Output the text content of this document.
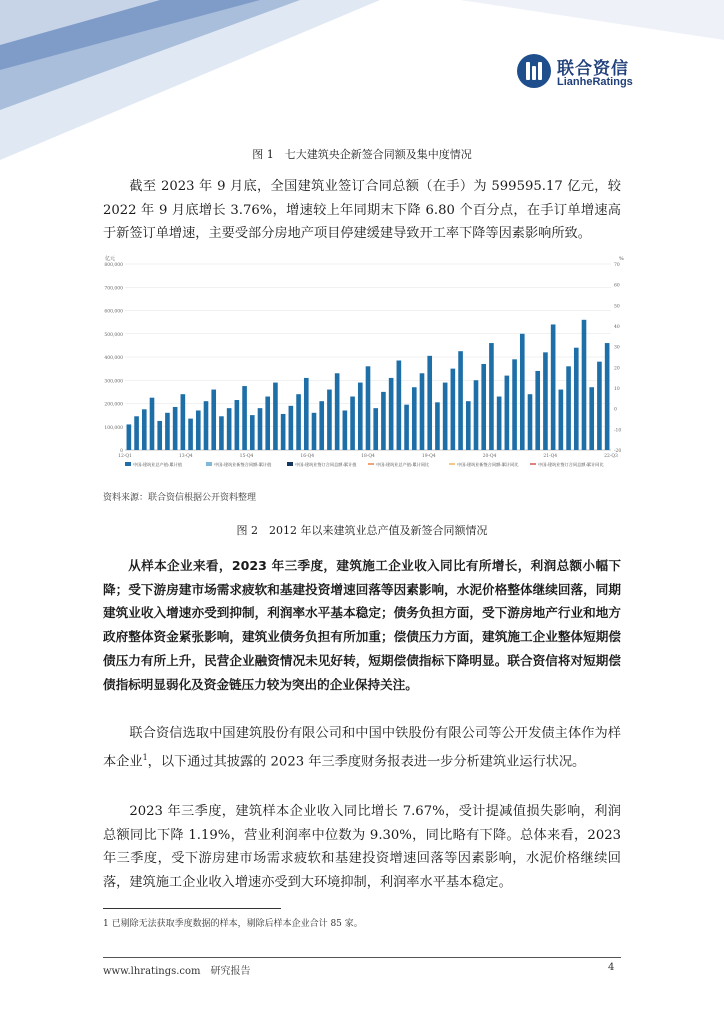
联合资信
LianheRatings
图 1　七大建筑央企新签合同额及集中度情况

截至 2023 年 9 月底，全国建筑业签订合同总额（在手）为 599595.17 亿元，较 2022 年 9 月底增长 3.76%，增速较上年同期末下降 6.80 个百分点，在手订单增速高于新签订单增速，主要受部分房地产项目停建缓建导致开工率下降等因素影响所致。

亿元	%
800,000
700,000
600,000
500,000
400,000
300,000
200,000
100,000
0
70
60
50
40
30
20
10
0
-10
-20
12-Q1	13-Q4	15-Q4	16-Q4	18-Q4	19-Q4	20-Q4	21-Q4	22-Q3
中国:建筑业总产值:累计值	中国:建筑业新签合同额:累计值	中国:建筑业签订合同总额:累计值	中国:建筑业总产值:累计同比	中国:建筑业新签合同额:累计同比	中国:建筑业签订合同总额:累计同比
资料来源：联合资信根据公开资料整理
图 2　2012 年以来建筑业总产值及新签合同额情况

从样本企业来看，2023 年三季度，建筑施工企业收入同比有所增长，利润总额小幅下降；受下游房建市场需求疲软和基建投资增速回落等因素影响，水泥价格整体继续回落，同期建筑业收入增速亦受到抑制，利润率水平基本稳定；债务负担方面，受下游房地产行业和地方政府整体资金紧张影响，建筑业债务负担有所加重；偿债压力方面，建筑施工企业整体短期偿债压力有所上升，民营企业融资情况未见好转，短期偿债指标下降明显。联合资信将对短期偿债指标明显弱化及资金链压力较为突出的企业保持关注。

联合资信选取中国建筑股份有限公司和中国中铁股份有限公司等公开发债主体作为样本企业$^1$，以下通过其披露的 2023 年三季度财务报表进一步分析建筑业运行状况。

2023 年三季度，建筑样本企业收入同比增长 7.67%，受计提减值损失影响，利润总额同比下降 1.19%，营业利润率中位数为 9.30%，同比略有下降。总体来看，2023 年三季度，受下游房建市场需求疲软和基建投资增速回落等因素影响，水泥价格继续回落，建筑施工企业收入增速亦受到大环境抑制，利润率水平基本稳定。

1 已剔除无法获取季度数据的样本，剔除后样本企业合计 85 家。
www.lhratings.com　研究报告	4
